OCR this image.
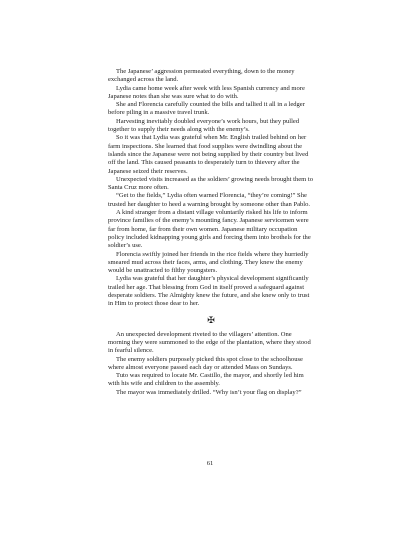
The Japanese’ aggression permeated everything, down to the money exchanged across the land.

Lydia came home week after week with less Spanish currency and more Japanese notes than she was sure what to do with.

She and Florencia carefully counted the bills and tallied it all in a ledger before piling in a massive travel trunk.

Harvesting inevitably doubled everyone’s work hours, but they pulled together to supply their needs along with the enemy’s.

So it was that Lydia was grateful when Mr. English trailed behind on her farm inspections. She learned that food supplies were dwindling about the islands since the Japanese were not being supplied by their country but lived off the land. This caused peasants to desperately turn to thievery after the Japanese seized their reserves.

Unexpected visits increased as the soldiers’ growing needs brought them to Santa Cruz more often.

“Get to the fields,” Lydia often warned Florencia, “they’re coming!” She trusted her daughter to heed a warning brought by someone other than Pablo.

A kind stranger from a distant village voluntarily risked his life to inform province families of the enemy’s mounting fancy. Japanese servicemen were far from home, far from their own women. Japanese military occupation policy included kidnapping young girls and forcing them into brothels for the soldier’s use.

Florencia swiftly joined her friends in the rice fields where they hurriedly smeared mud across their faces, arms, and clothing. They knew the enemy would be unattracted to filthy youngsters.

Lydia was grateful that her daughter’s physical development significantly trailed her age. That blessing from God in itself proved a safeguard against desperate soldiers. The Almighty knew the future, and she knew only to trust in Him to protect those dear to her.

✠

An unexpected development riveted to the villagers’ attention. One morning they were summoned to the edge of the plantation, where they stood in fearful silence.

The enemy soldiers purposely picked this spot close to the schoolhouse where almost everyone passed each day or attended Mass on Sundays.

Tuto was required to locate Mr. Castillo, the mayor, and shortly led him with his wife and children to the assembly.

The mayor was immediately drilled. “Why isn’t your flag on display?”

61
